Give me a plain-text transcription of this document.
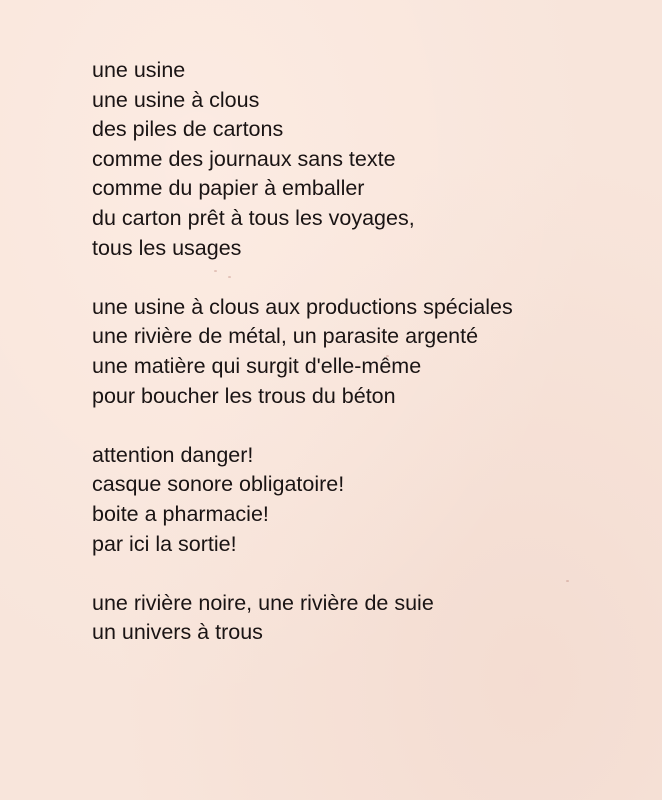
une usine
une usine à clous
des piles de cartons
comme des journaux sans texte
comme du papier à emballer
du carton prêt à tous les voyages,
tous les usages
une usine à clous aux productions spéciales
une rivière de métal, un parasite argenté
une matière qui surgit d'elle-même
pour boucher les trous du béton
attention danger!
casque sonore obligatoire!
boite a pharmacie!
par ici la sortie!
une rivière noire, une rivière de suie
un univers à trous
